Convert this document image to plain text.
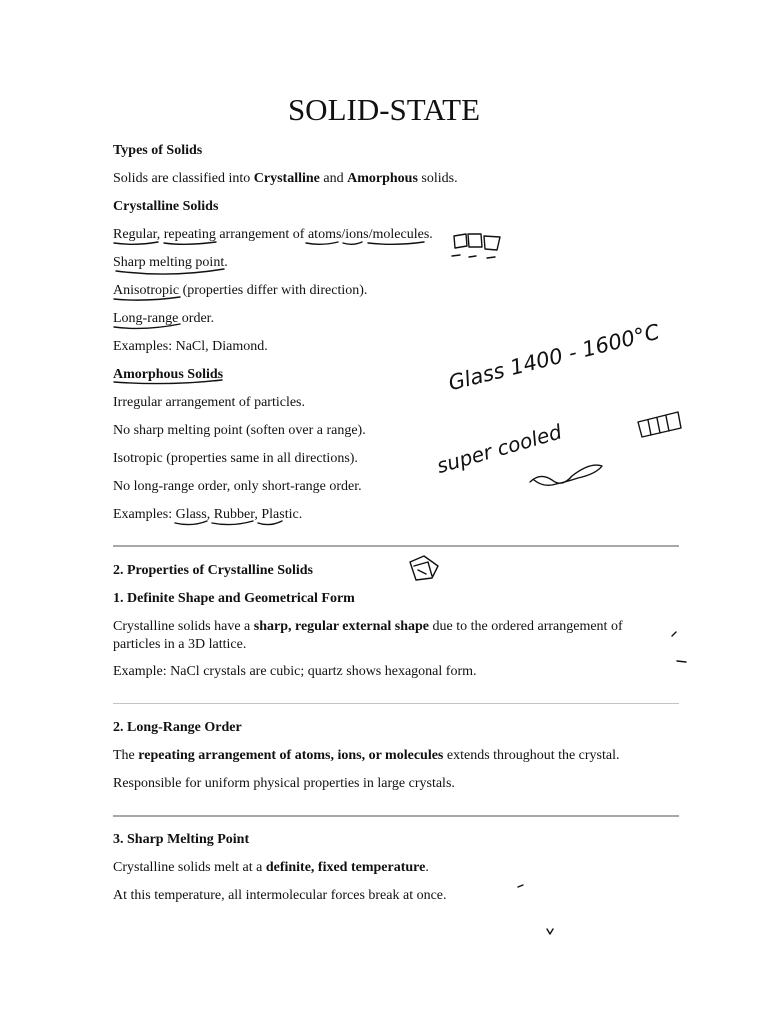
SOLID-STATE
Types of Solids
Solids are classified into Crystalline and Amorphous solids.
Crystalline Solids
Regular, repeating arrangement of atoms/ions/molecules.
Sharp melting point.
Anisotropic (properties differ with direction).
Long-range order.
Examples: NaCl, Diamond.
Amorphous Solids
Irregular arrangement of particles.
No sharp melting point (soften over a range).
Isotropic (properties same in all directions).
No long-range order, only short-range order.
Examples: Glass, Rubber, Plastic.
2. Properties of Crystalline Solids
1. Definite Shape and Geometrical Form
Crystalline solids have a sharp, regular external shape due to the ordered arrangement of particles in a 3D lattice.
Example: NaCl crystals are cubic; quartz shows hexagonal form.
2. Long-Range Order
The repeating arrangement of atoms, ions, or molecules extends throughout the crystal.
Responsible for uniform physical properties in large crystals.
3. Sharp Melting Point
Crystalline solids melt at a definite, fixed temperature.
At this temperature, all intermolecular forces break at once.
Glass 1400 - 1600°C
super cooled
